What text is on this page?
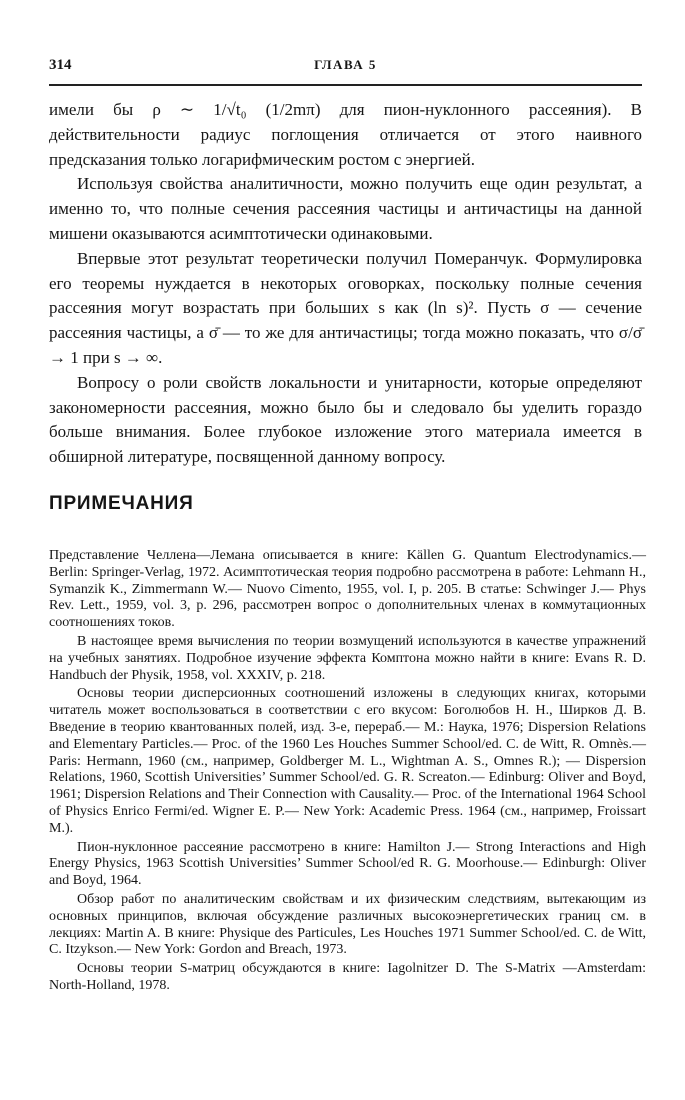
314	ГЛАВА 5

имели бы ρ ∼ 1/√t₀ (1/2mπ) для пион-нуклонного рассеяния). В действительности радиус поглощения отличается от этого наивного предсказания только логарифмическим ростом с энергией.

Используя свойства аналитичности, можно получить еще один результат, а именно то, что полные сечения рассеяния частицы и античастицы на данной мишени оказываются асимптотически одинаковыми.

Впервые этот результат теоретически получил Померанчук. Формулировка его теоремы нуждается в некоторых оговорках, поскольку полные сечения рассеяния могут возрастать при больших s как (ln s)². Пусть σ — сечение рассеяния частицы, a σ̄ — то же для античастицы; тогда можно показать, что σ/σ̄ → 1 при s → ∞.

Вопросу о роли свойств локальности и унитарности, которые определяют закономерности рассеяния, можно было бы и следовало бы уделить гораздо больше внимания. Более глубокое изложение этого материала имеется в обширной литературе, посвященной данному вопросу.

ПРИМЕЧАНИЯ

Представление Челлена—Лемана описывается в книге: Källen G. Quantum Electrodynamics.— Berlin: Springer-Verlag, 1972. Асимптотическая теория подробно рассмотрена в работе: Lehmann H., Symanzik K., Zimmermann W.— Nuovo Cimento, 1955, vol. I, p. 205. В статье: Schwinger J.— Phys Rev. Lett., 1959, vol. 3, p. 296, рассмотрен вопрос о дополнительных членах в коммутационных соотношениях токов.

В настоящее время вычисления по теории возмущений используются в качестве упражнений на учебных занятиях. Подробное изучение эффекта Комптона можно найти в книге: Evans R. D. Handbuch der Physik, 1958, vol. XXXIV, p. 218.

Основы теории дисперсионных соотношений изложены в следующих книгах, которыми читатель может воспользоваться в соответствии с его вкусом: Боголюбов Н. Н., Ширков Д. В. Введение в теорию квантованных полей, изд. 3-е, перераб.— М.: Наука, 1976; Dispersion Relations and Elementary Particles.— Proc. of the 1960 Les Houches Summer School/ed. C. de Witt, R. Omnès.— Paris: Hermann, 1960 (см., например, Goldberger M. L., Wightman A. S., Omnes R.); — Dispersion Relations, 1960, Scottish Universities’ Summer School/ed. G. R. Screaton.— Edinburg: Oliver and Boyd, 1961; Dispersion Relations and Their Connection with Causality.— Proc. of the International 1964 School of Physics Enrico Fermi/ed. Wigner E. P.— New York: Academic Press. 1964 (см., например, Froissart M.).

Пион-нуклонное рассеяние рассмотрено в книге: Hamilton J.— Strong Interactions and High Energy Physics, 1963 Scottish Universities’ Summer School/ed R. G. Moorhouse.— Edinburgh: Oliver and Boyd, 1964.

Обзор работ по аналитическим свойствам и их физическим следствиям, вытекающим из основных принципов, включая обсуждение различных высокоэнергетических границ см. в лекциях: Martin A. В книге: Physique des Particules, Les Houches 1971 Summer School/ed. C. de Witt, C. Itzykson.— New York: Gordon and Breach, 1973.

Основы теории S-матриц обсуждаются в книге: Iagolnitzer D. The S-Matrix —Amsterdam: North-Holland, 1978.
